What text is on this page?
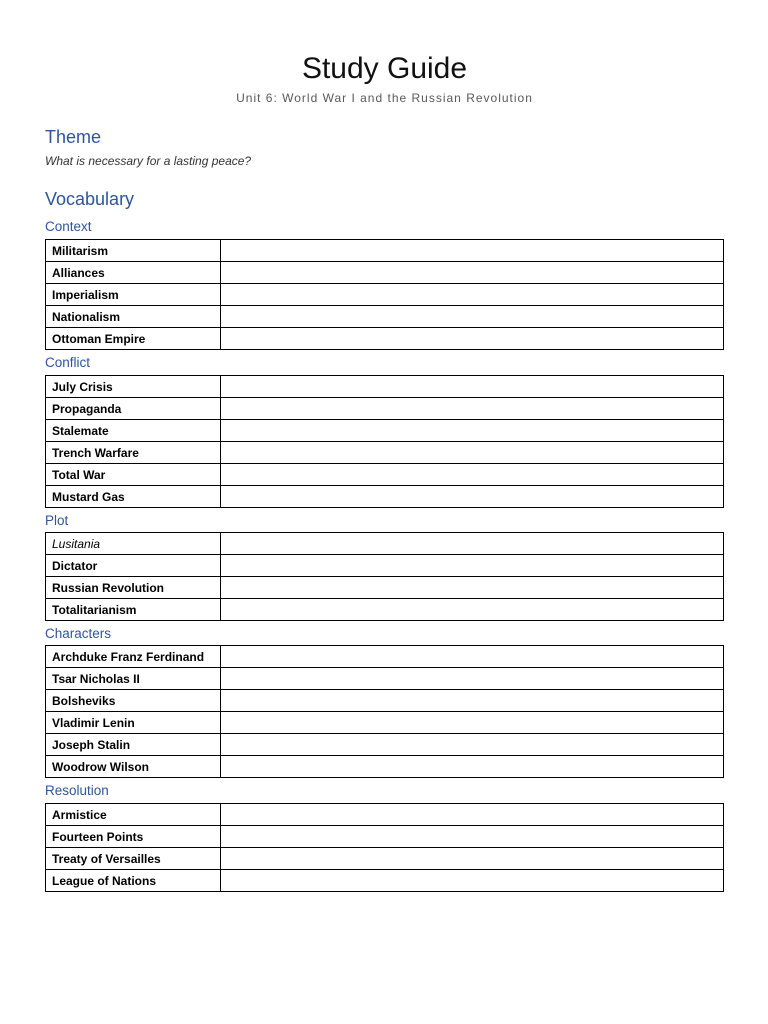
Study Guide
Unit 6: World War I and the Russian Revolution
Theme
What is necessary for a lasting peace?
Vocabulary
Context
Militarism	
Alliances	
Imperialism	
Nationalism	
Ottoman Empire	
Conflict
July Crisis	
Propaganda	
Stalemate	
Trench Warfare	
Total War	
Mustard Gas	
Plot
Lusitania	
Dictator	
Russian Revolution	
Totalitarianism	
Characters
Archduke Franz Ferdinand	
Tsar Nicholas II	
Bolsheviks	
Vladimir Lenin	
Joseph Stalin	
Woodrow Wilson	
Resolution
Armistice	
Fourteen Points	
Treaty of Versailles	
League of Nations	
